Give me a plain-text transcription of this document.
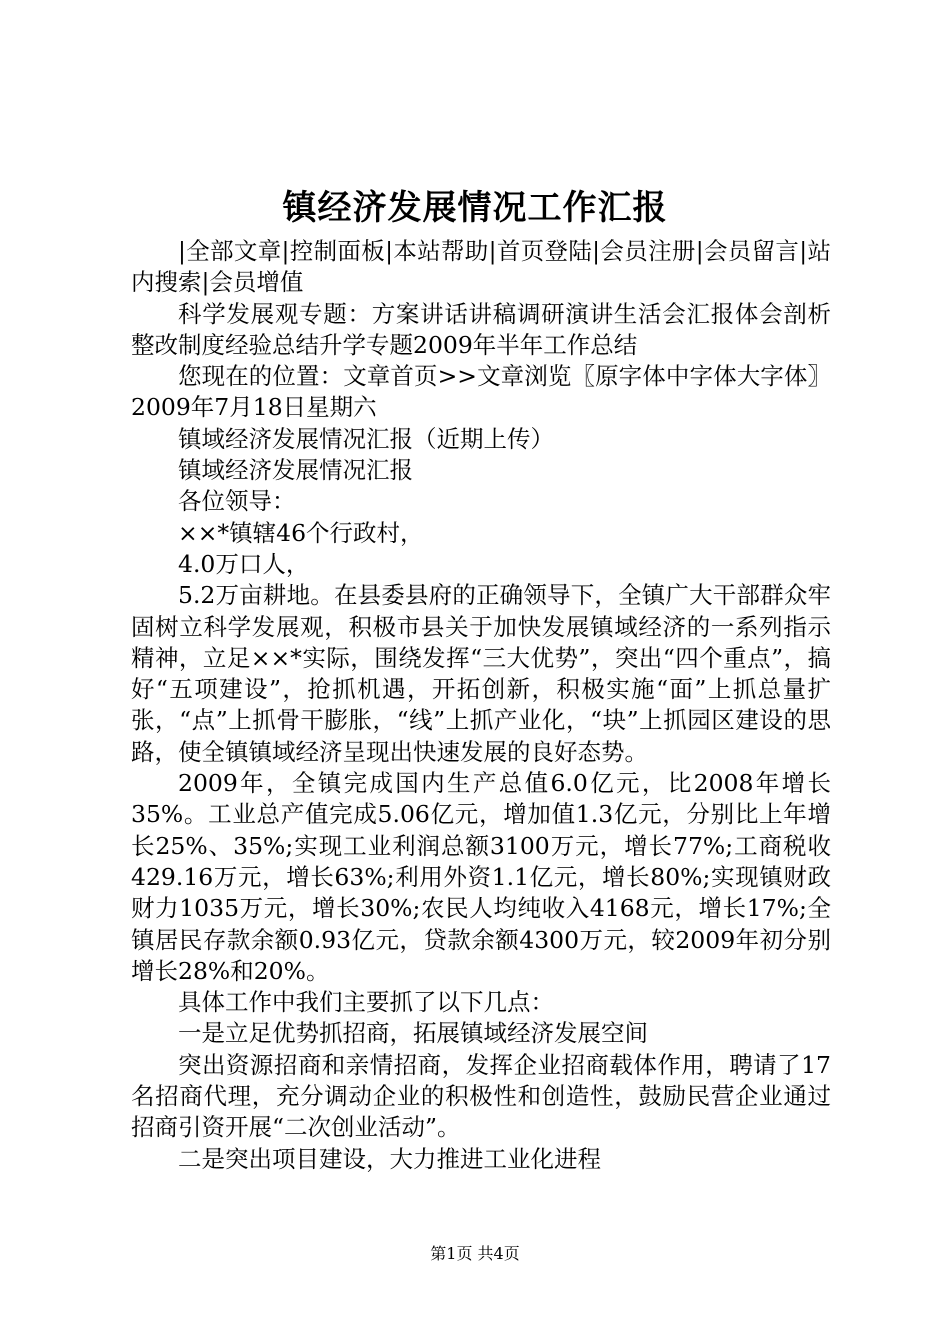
镇经济发展情况工作汇报

|全部文章|控制面板|本站帮助|首页登陆|会员注册|会员留言|站内搜索|会员增值

科学发展观专题：方案讲话讲稿调研演讲生活会汇报体会剖析整改制度经验总结升学专题2009年半年工作总结

您现在的位置：文章首页>>文章浏览〖原字体中字体大字体〗2009年7月18日星期六

镇域经济发展情况汇报（近期上传）

镇域经济发展情况汇报

各位领导：

××*镇辖46个行政村，

4.0万口人，

5.2万亩耕地。在县委县府的正确领导下，全镇广大干部群众牢固树立科学发展观，积极市县关于加快发展镇域经济的一系列指示精神，立足××*实际，围绕发挥“三大优势”，突出“四个重点”，搞好“五项建设”，抢抓机遇，开拓创新，积极实施“面”上抓总量扩张，“点”上抓骨干膨胀，“线”上抓产业化，“块”上抓园区建设的思路，使全镇镇域经济呈现出快速发展的良好态势。

2009年，全镇完成国内生产总值6.0亿元，比2008年增长35%。工业总产值完成5.06亿元，增加值1.3亿元，分别比上年增长25%、35%;实现工业利润总额3100万元，增长77%;工商税收429.16万元，增长63%;利用外资1.1亿元，增长80%;实现镇财政财力1035万元，增长30%;农民人均纯收入4168元，增长17%;全镇居民存款余额0.93亿元，贷款余额4300万元，较2009年初分别增长28%和20%。

具体工作中我们主要抓了以下几点：

一是立足优势抓招商，拓展镇域经济发展空间

突出资源招商和亲情招商，发挥企业招商载体作用，聘请了17名招商代理，充分调动企业的积极性和创造性，鼓励民营企业通过招商引资开展“二次创业活动”。

二是突出项目建设，大力推进工业化进程

第1页 共4页
